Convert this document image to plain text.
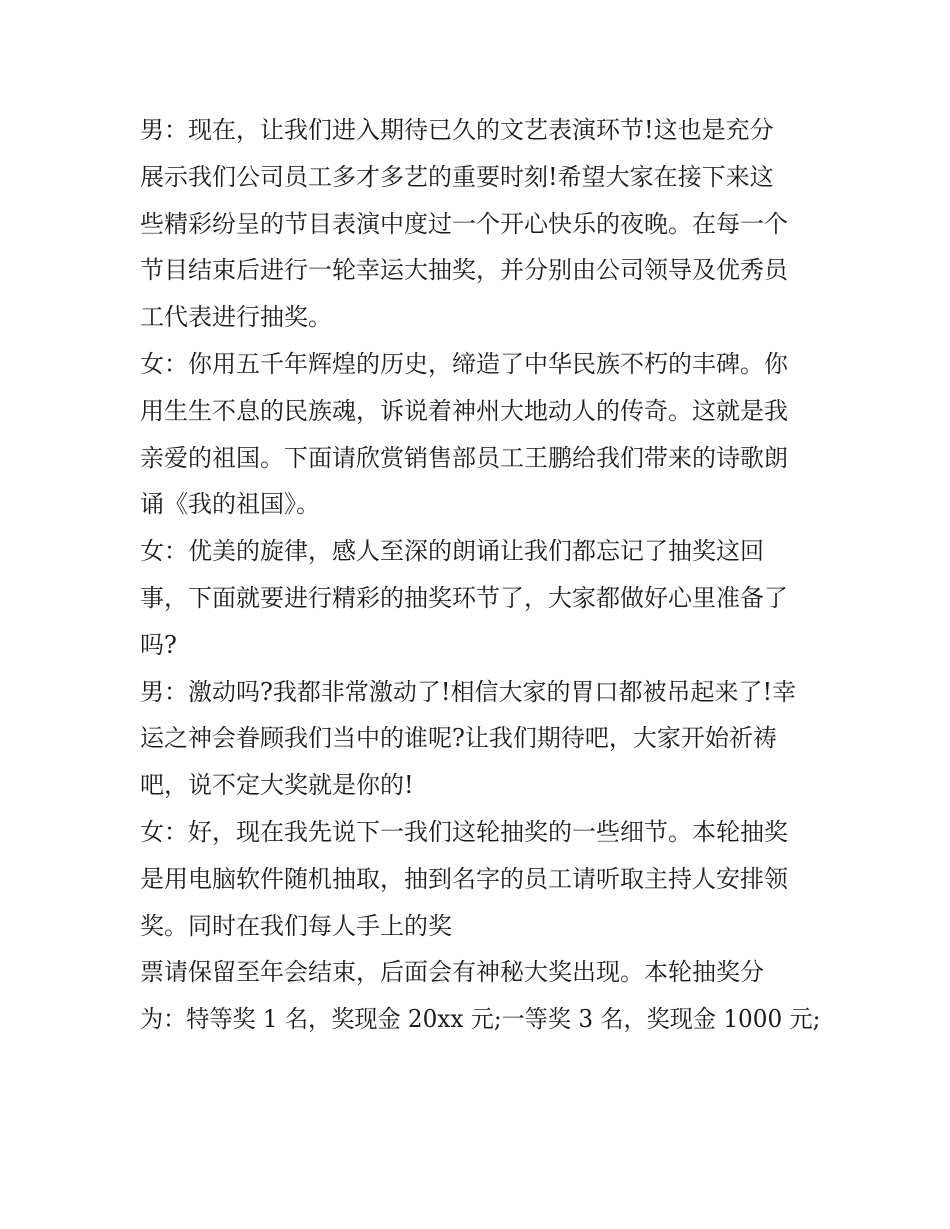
男：现在，让我们进入期待已久的文艺表演环节!这也是充分
展示我们公司员工多才多艺的重要时刻!希望大家在接下来这
些精彩纷呈的节目表演中度过一个开心快乐的夜晚。在每一个
节目结束后进行一轮幸运大抽奖，并分别由公司领导及优秀员
工代表进行抽奖。
女：你用五千年辉煌的历史，缔造了中华民族不朽的丰碑。你
用生生不息的民族魂，诉说着神州大地动人的传奇。这就是我
亲爱的祖国。下面请欣赏销售部员工王鹏给我们带来的诗歌朗
诵《我的祖国》。
女：优美的旋律，感人至深的朗诵让我们都忘记了抽奖这回
事，下面就要进行精彩的抽奖环节了，大家都做好心里准备了
吗?
男：激动吗?我都非常激动了!相信大家的胃口都被吊起来了!幸
运之神会眷顾我们当中的谁呢?让我们期待吧，大家开始祈祷
吧，说不定大奖就是你的!
女：好，现在我先说下一我们这轮抽奖的一些细节。本轮抽奖
是用电脑软件随机抽取，抽到名字的员工请听取主持人安排领
奖。同时在我们每人手上的奖
票请保留至年会结束，后面会有神秘大奖出现。本轮抽奖分
为：特等奖 1 名，奖现金 20xx 元;一等奖 3 名，奖现金 1000 元;
